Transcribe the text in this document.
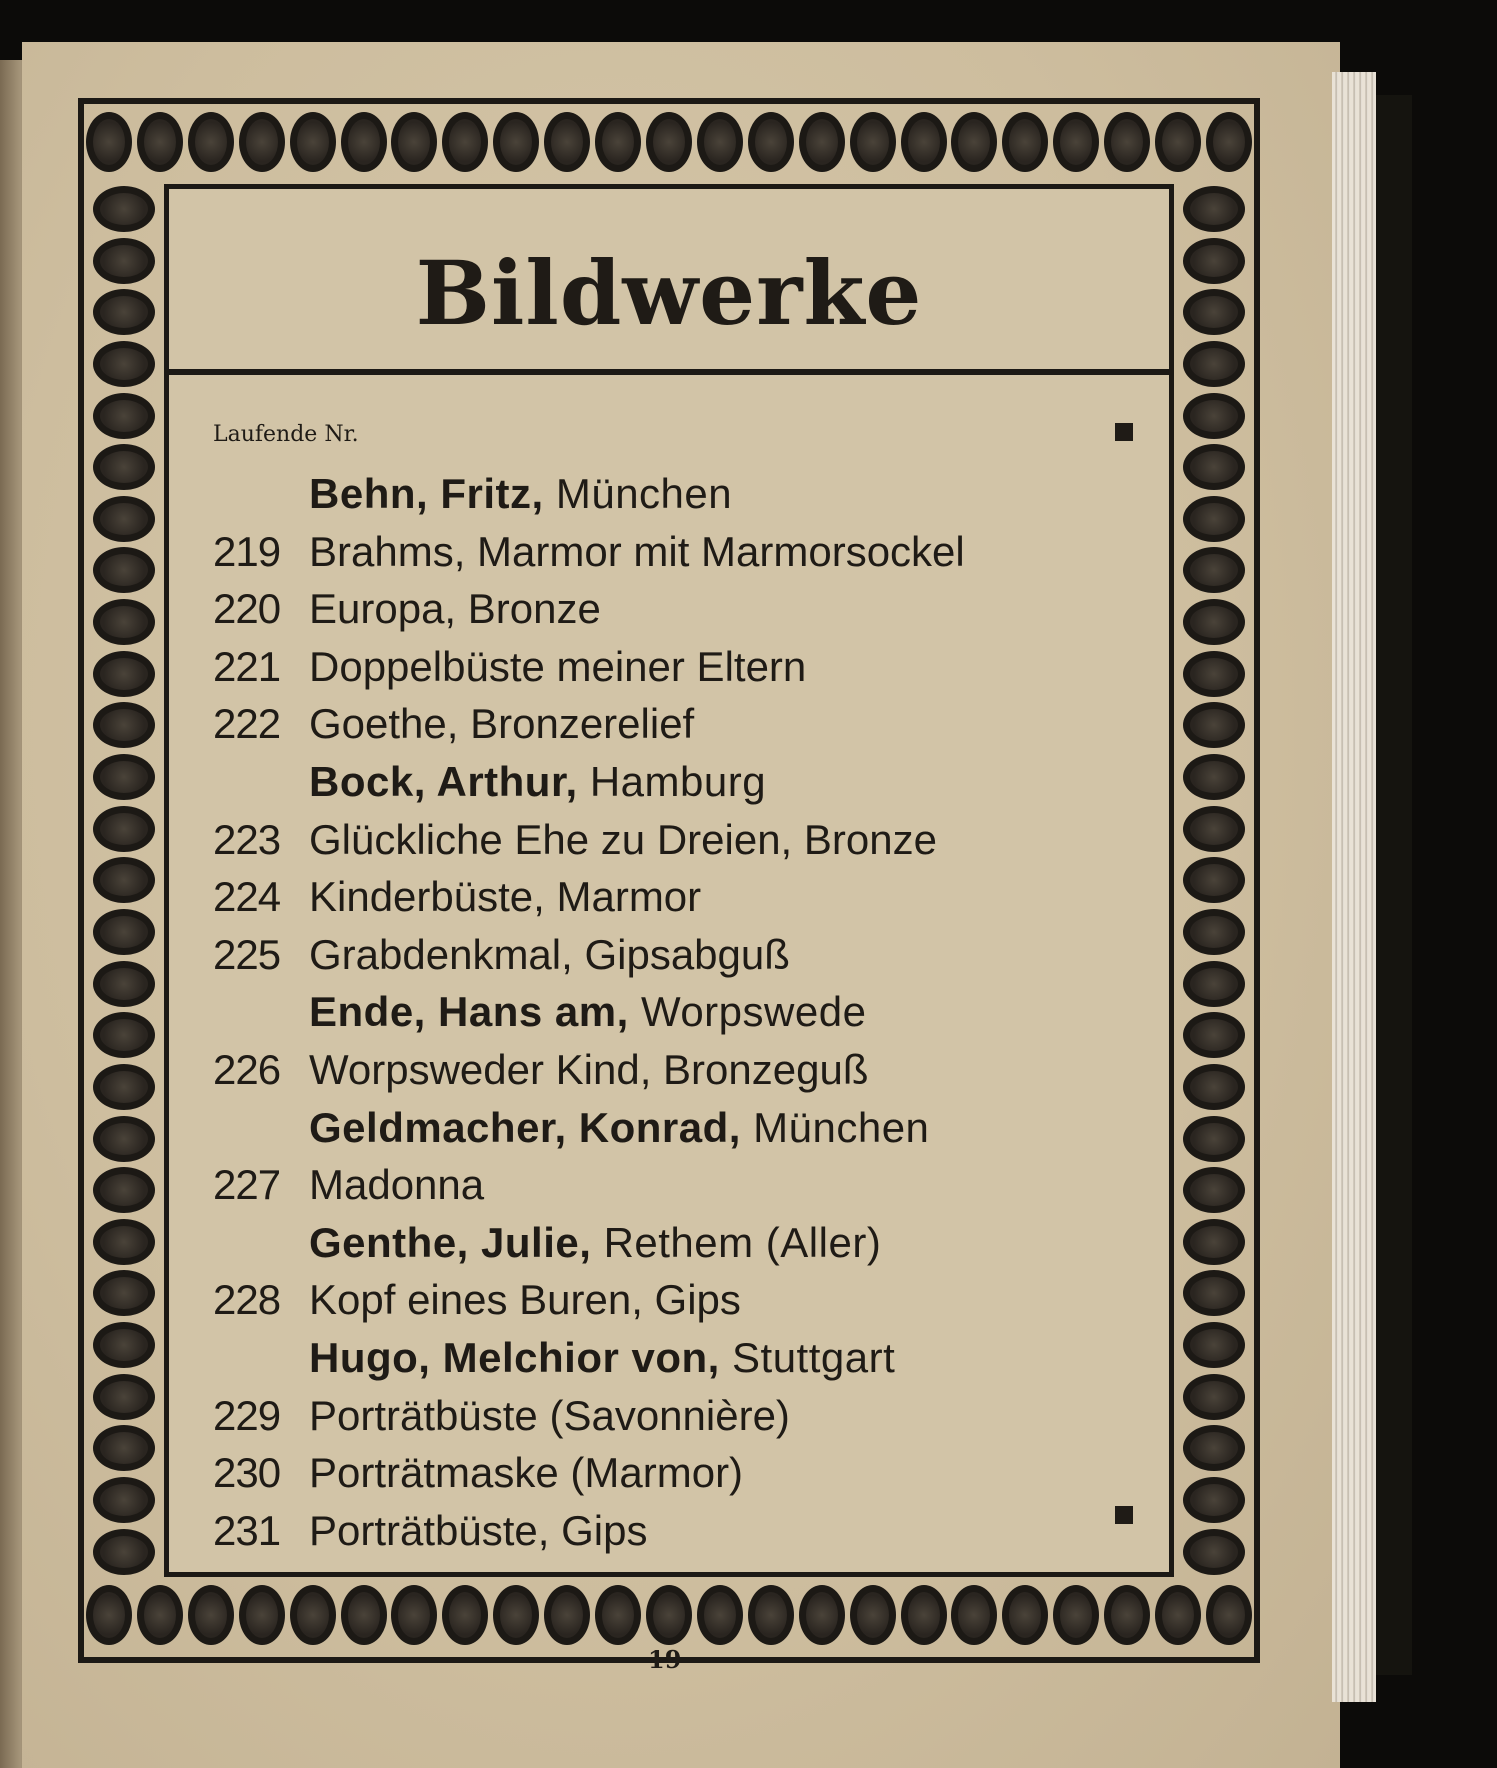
Bildwerke
Laufende Nr.
Behn, Fritz, München
219 Brahms, Marmor mit Marmorsockel
220 Europa, Bronze
221 Doppelbüste meiner Eltern
222 Goethe, Bronzerelief
Bock, Arthur, Hamburg
223 Glückliche Ehe zu Dreien, Bronze
224 Kinderbüste, Marmor
225 Grabdenkmal, Gipsabguß
Ende, Hans am, Worpswede
226 Worpsweder Kind, Bronzeguß
Geldmacher, Konrad, München
227 Madonna
Genthe, Julie, Rethem (Aller)
228 Kopf eines Buren, Gips
Hugo, Melchior von, Stuttgart
229 Porträtbüste (Savonnière)
230 Porträtmaske (Marmor)
231 Porträtbüste, Gips
19
